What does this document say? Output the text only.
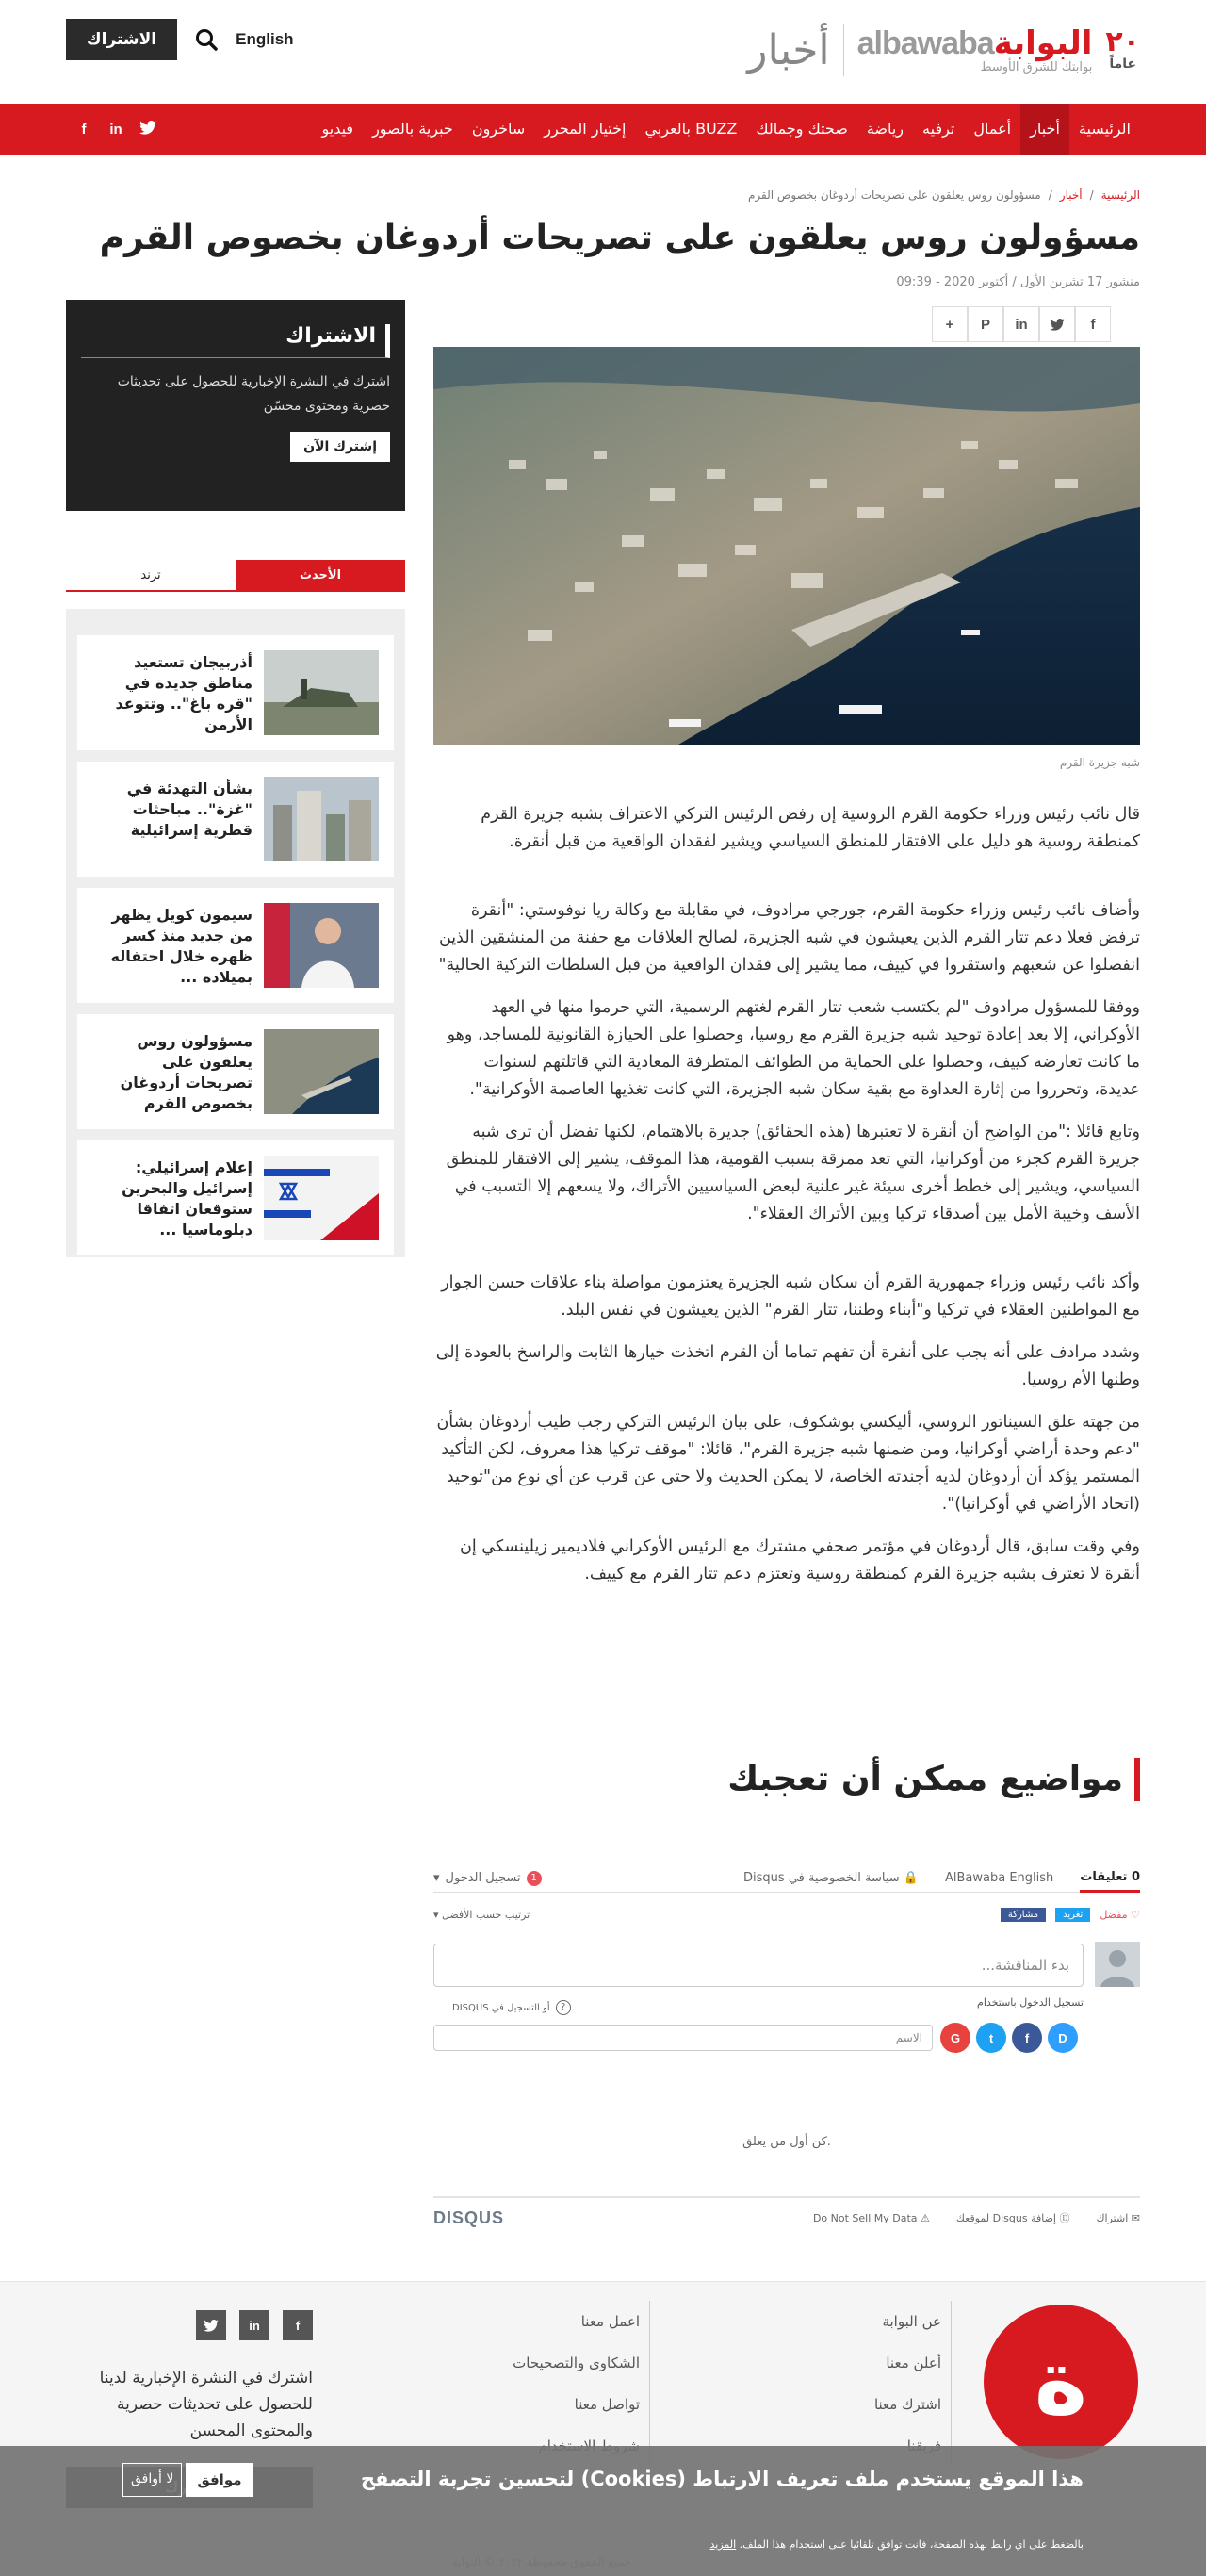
٢٠
عاماً
البوابةalbawaba
بوابتك للشرق الأوسط
أخبار
الاشتراك	English
الرئيسية
أخبار
أعمال
ترفيه
رياضة
صحتك وجمالك
BUZZ بالعربي
إختيار المحرر
ساخرون
خبرية بالصور
فيديو
f	in
الرئيسية
/
أخبار
/
مسؤولون روس يعلقون على تصريحات أردوغان بخصوص القرم
مسؤولون روس يعلقون على تصريحات أردوغان بخصوص القرم
منشور 17 تشرين الأول / أكتوبر 2020 - 09:39
+	P	in	f
شبه جزيرة القرم

قال نائب رئيس وزراء حكومة القرم الروسية إن رفض الرئيس التركي الاعتراف بشبه جزيرة القرم كمنطقة روسية هو دليل على الافتقار للمنطق السياسي ويشير لفقدان الواقعية من قبل أنقرة.

وأضاف نائب رئيس وزراء حكومة القرم، جورجي مرادوف، في مقابلة مع وكالة ريا نوفوستي: "أنقرة ترفض فعلا دعم تتار القرم الذين يعيشون في شبه الجزيرة، لصالح العلاقات مع حفنة من المنشقين الذين انفصلوا عن شعبهم واستقروا في كييف، مما يشير إلى فقدان الواقعية من قبل السلطات التركية الحالية"

ووفقا للمسؤول مرادوف "لم يكتسب شعب تتار القرم لغتهم الرسمية، التي حرموا منها في العهد الأوكراني، إلا بعد إعادة توحيد شبه جزيرة القرم مع روسيا، وحصلوا على الحيازة القانونية للمساجد، وهو ما كانت تعارضه كييف، وحصلوا على الحماية من الطوائف المتطرفة المعادية التي قاتلتهم لسنوات عديدة، وتحرروا من إثارة العداوة مع بقية سكان شبه الجزيرة، التي كانت تغذيها العاصمة الأوكرانية".

وتابع قائلا :"من الواضح أن أنقرة لا تعتبرها (هذه الحقائق) جديرة بالاهتمام، لكنها تفضل أن ترى شبه جزيرة القرم كجزء من أوكرانيا، التي تعد ممزقة بسبب القومية، هذا الموقف، يشير إلى الافتقار للمنطق السياسي، ويشير إلى خطط أخرى سيئة غير علنية لبعض السياسيين الأتراك، ولا يسعهم إلا التسبب في الأسف وخيبة الأمل بين أصدقاء تركيا وبين الأتراك العقلاء".

وأكد نائب رئيس وزراء جمهورية القرم أن سكان شبه الجزيرة يعتزمون مواصلة بناء علاقات حسن الجوار مع المواطنين العقلاء في تركيا و"أبناء وطننا، تتار القرم" الذين يعيشون في نفس البلد.

وشدد مرادف على أنه يجب على أنقرة أن تفهم تماما أن القرم اتخذت خيارها الثابت والراسخ بالعودة إلى وطنها الأم روسيا.

من جهته علق السيناتور الروسي، أليكسي بوشكوف، على بيان الرئيس التركي رجب طيب أردوغان بشأن "دعم وحدة أراضي أوكرانيا، ومن ضمنها شبه جزيرة القرم"، قائلا: "موقف تركيا هذا معروف، لكن التأكيد المستمر يؤكد أن أردوغان لديه أجندته الخاصة، لا يمكن الحديث ولا حتى عن قرب عن أي نوع من"توحيد (اتحاد الأراضي في أوكرانيا)".

وفي وقت سابق، قال أردوغان في مؤتمر صحفي مشترك مع الرئيس الأوكراني فلاديمير زيلينسكي إن أنقرة لا تعترف بشبه جزيرة القرم كمنطقة روسية وتعتزم دعم تتار القرم مع كييف.

مواضيع ممكن أن تعجبك
0 تعليقات
AlBawaba English
🔒 سياسة الخصوصية في Disqus
1
تسجيل الدخول
▾
♡ مفضل
تغريد
مشاركة
ترتيب حسب الأفضل ▾
بدء المناقشة...
تسجيل الدخول باستخدام
?
أو التسجيل في DISQUS
G	t	f	D
الاسم
كن أول من يعلق.
✉ اشتراك
Ⓓ إضافة Disqus لموقعك
⚠ Do Not Sell My Data
DISQUS
الاشتراك
اشترك في النشرة الإخبارية للحصول على تحديثات حصرية ومحتوى محسّن
إشترك الآن
الأحدث
ترند
أذربيجان تستعيد مناطق جديدة في "قره باغ".. وتتوعد الأرمن
بشأن التهدئة في "غزة".. مباحثات قطرية إسرائيلية
سيمون كويل يظهر من جديد منذ كسر ظهره خلال احتفاله بميلاده ...
مسؤولون روس يعلقون على تصريحات أردوغان بخصوص القرم
إعلام إسرائيلي: إسرائيل والبحرين ستوقعان اتفاقا دبلوماسيا ...
ة
عن البوابة
أعلن معنا
اشترك معنا
اعمل معنا
الشكاوى والتصحيحات
تواصل معنا
in	f
اشترك في النشرة الإخبارية لدينا للحصول على تحديثات حصرية والمحتوى المحسن
هذا الموقع يستخدم ملف تعريف الارتباط (Cookies) لتحسين تجربة التصفح
بالضغط على اي رابط بهذه الصفحة، فانت توافق تلقائيا على استخدام هذا الملف. المزيد
لا أوافق	موافق
